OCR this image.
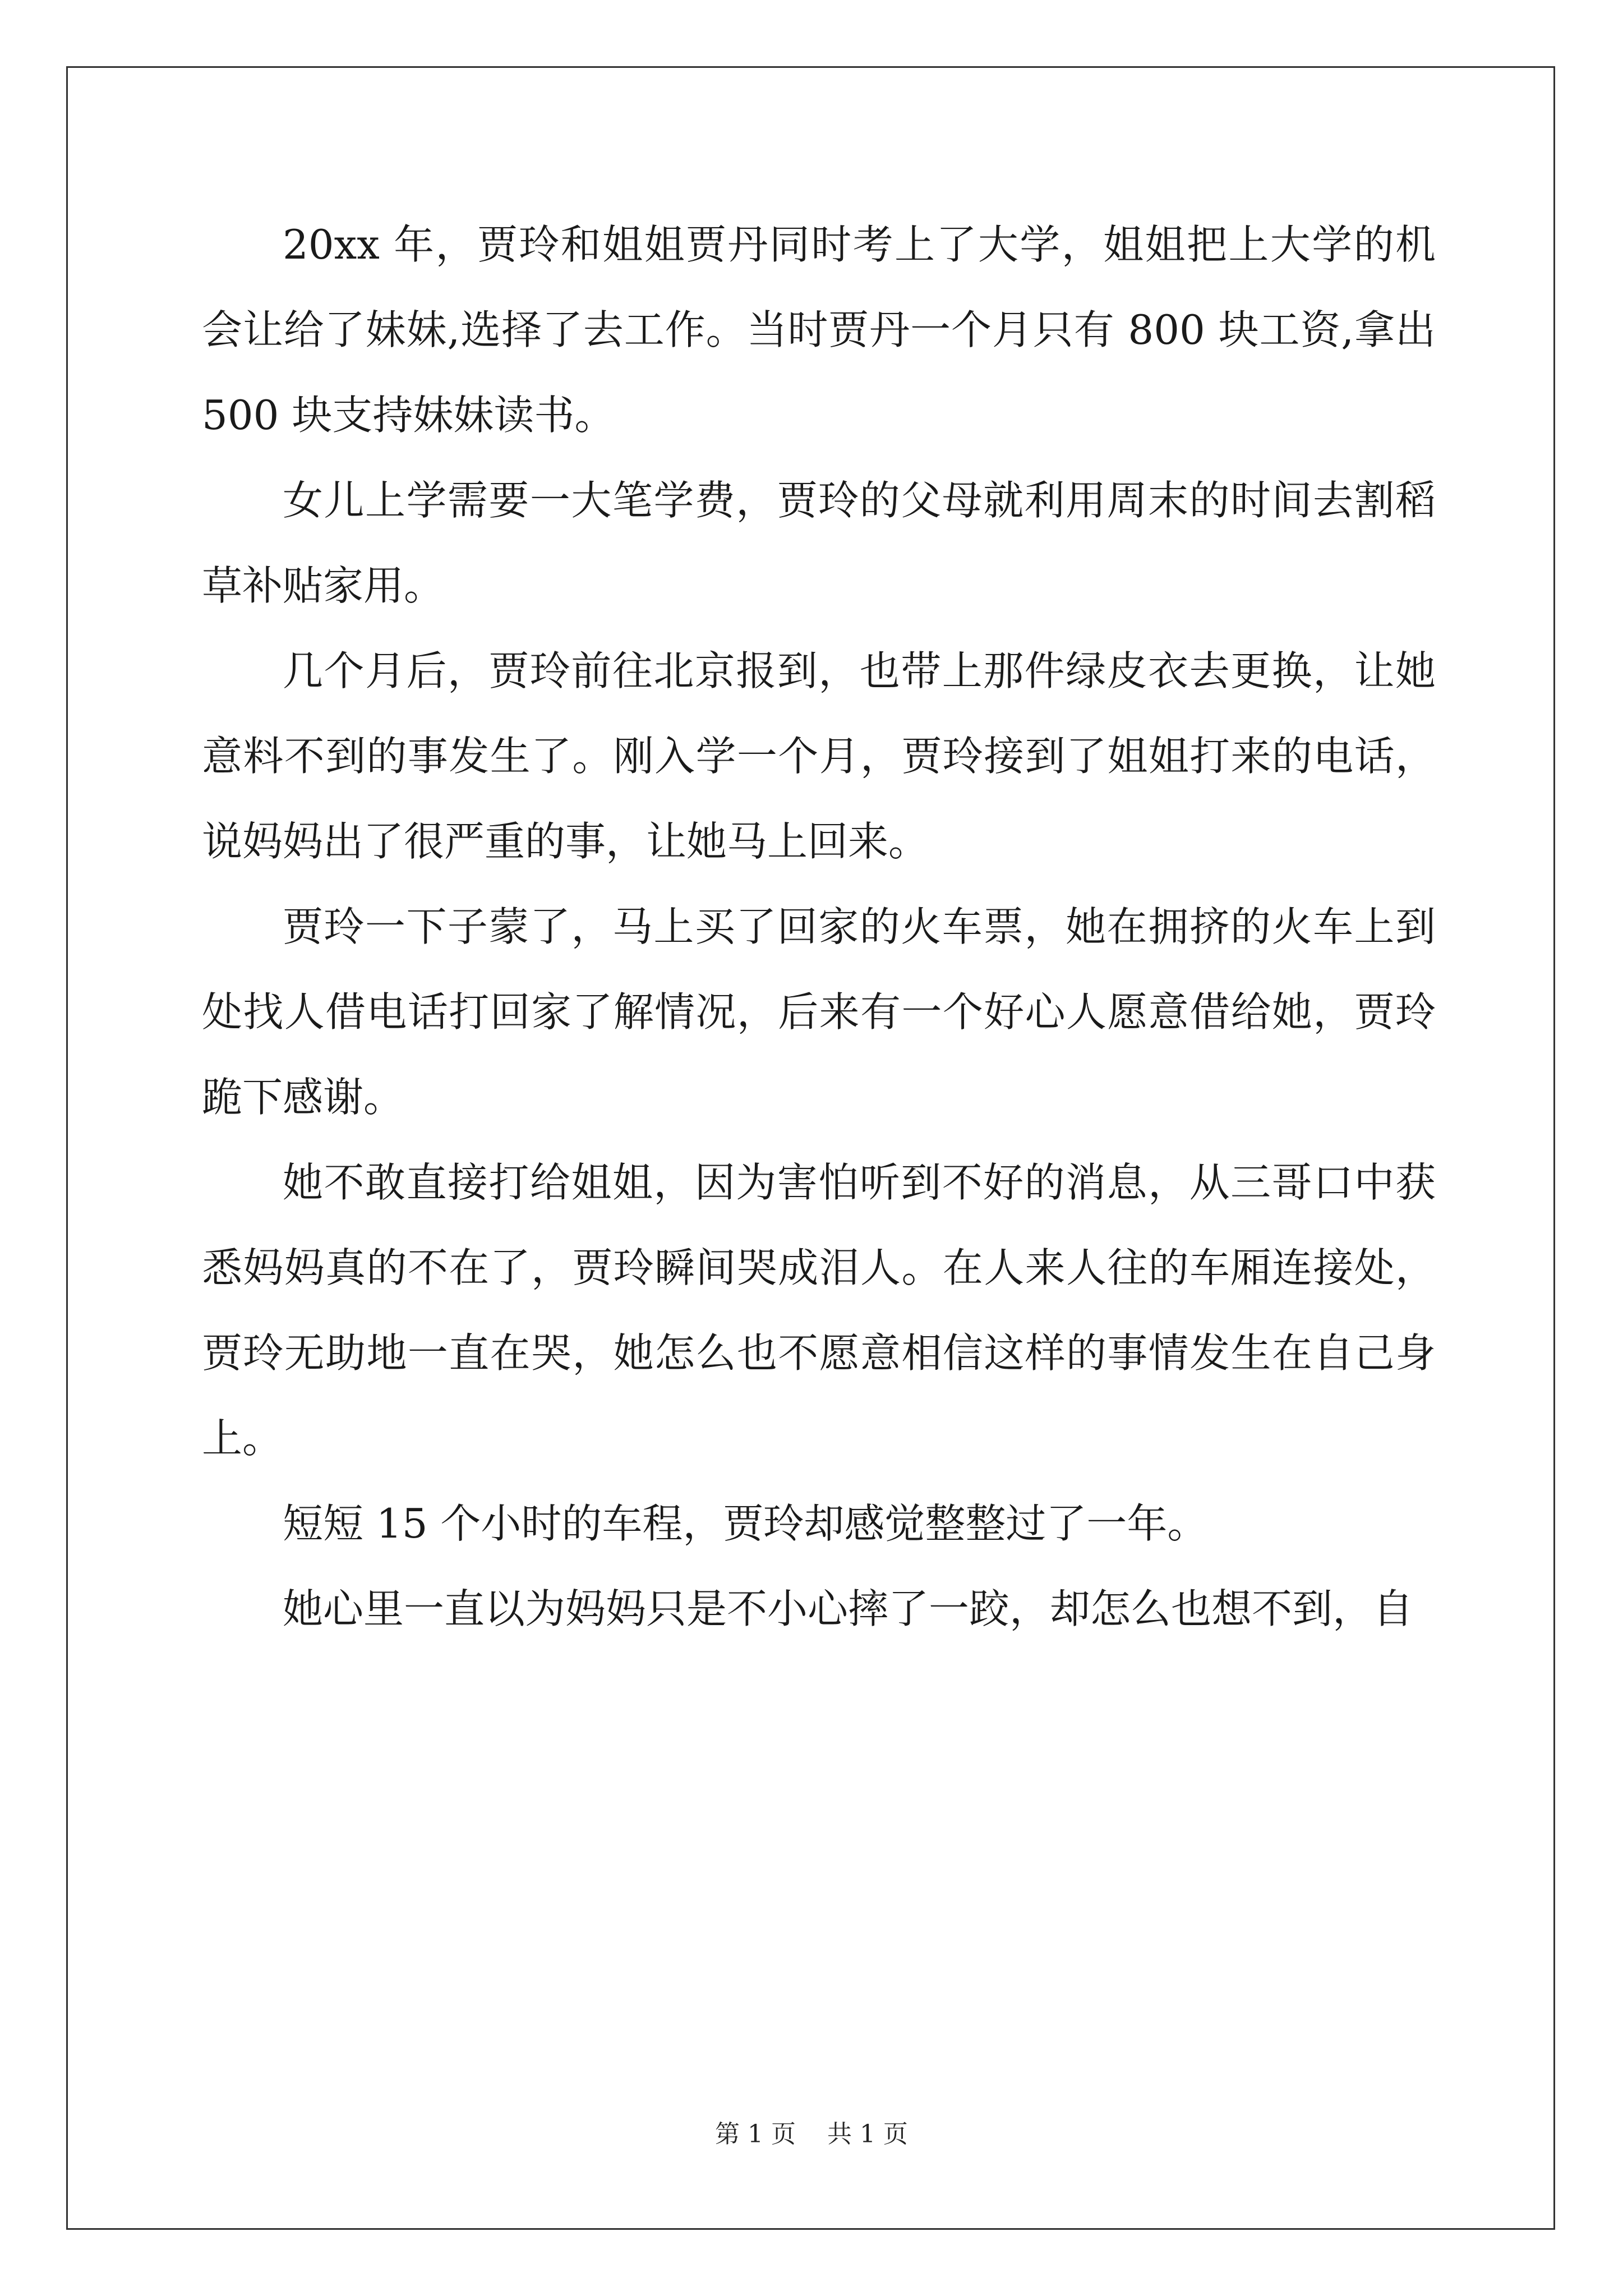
20xx 年，贾玲和姐姐贾丹同时考上了大学，姐姐把上大学的机会让给了妹妹,选择了去工作。当时贾丹一个月只有 800 块工资,拿出 500 块支持妹妹读书。

女儿上学需要一大笔学费，贾玲的父母就利用周末的时间去割稻草补贴家用。

几个月后，贾玲前往北京报到，也带上那件绿皮衣去更换，让她意料不到的事发生了。刚入学一个月，贾玲接到了姐姐打来的电话，说妈妈出了很严重的事，让她马上回来。

贾玲一下子蒙了，马上买了回家的火车票，她在拥挤的火车上到处找人借电话打回家了解情况，后来有一个好心人愿意借给她，贾玲跪下感谢。

她不敢直接打给姐姐，因为害怕听到不好的消息，从三哥口中获悉妈妈真的不在了，贾玲瞬间哭成泪人。在人来人往的车厢连接处，贾玲无助地一直在哭，她怎么也不愿意相信这样的事情发生在自己身上。

短短 15 个小时的车程，贾玲却感觉整整过了一年。

她心里一直以为妈妈只是不小心摔了一跤，却怎么也想不到，自

第 1 页    共 1 页
